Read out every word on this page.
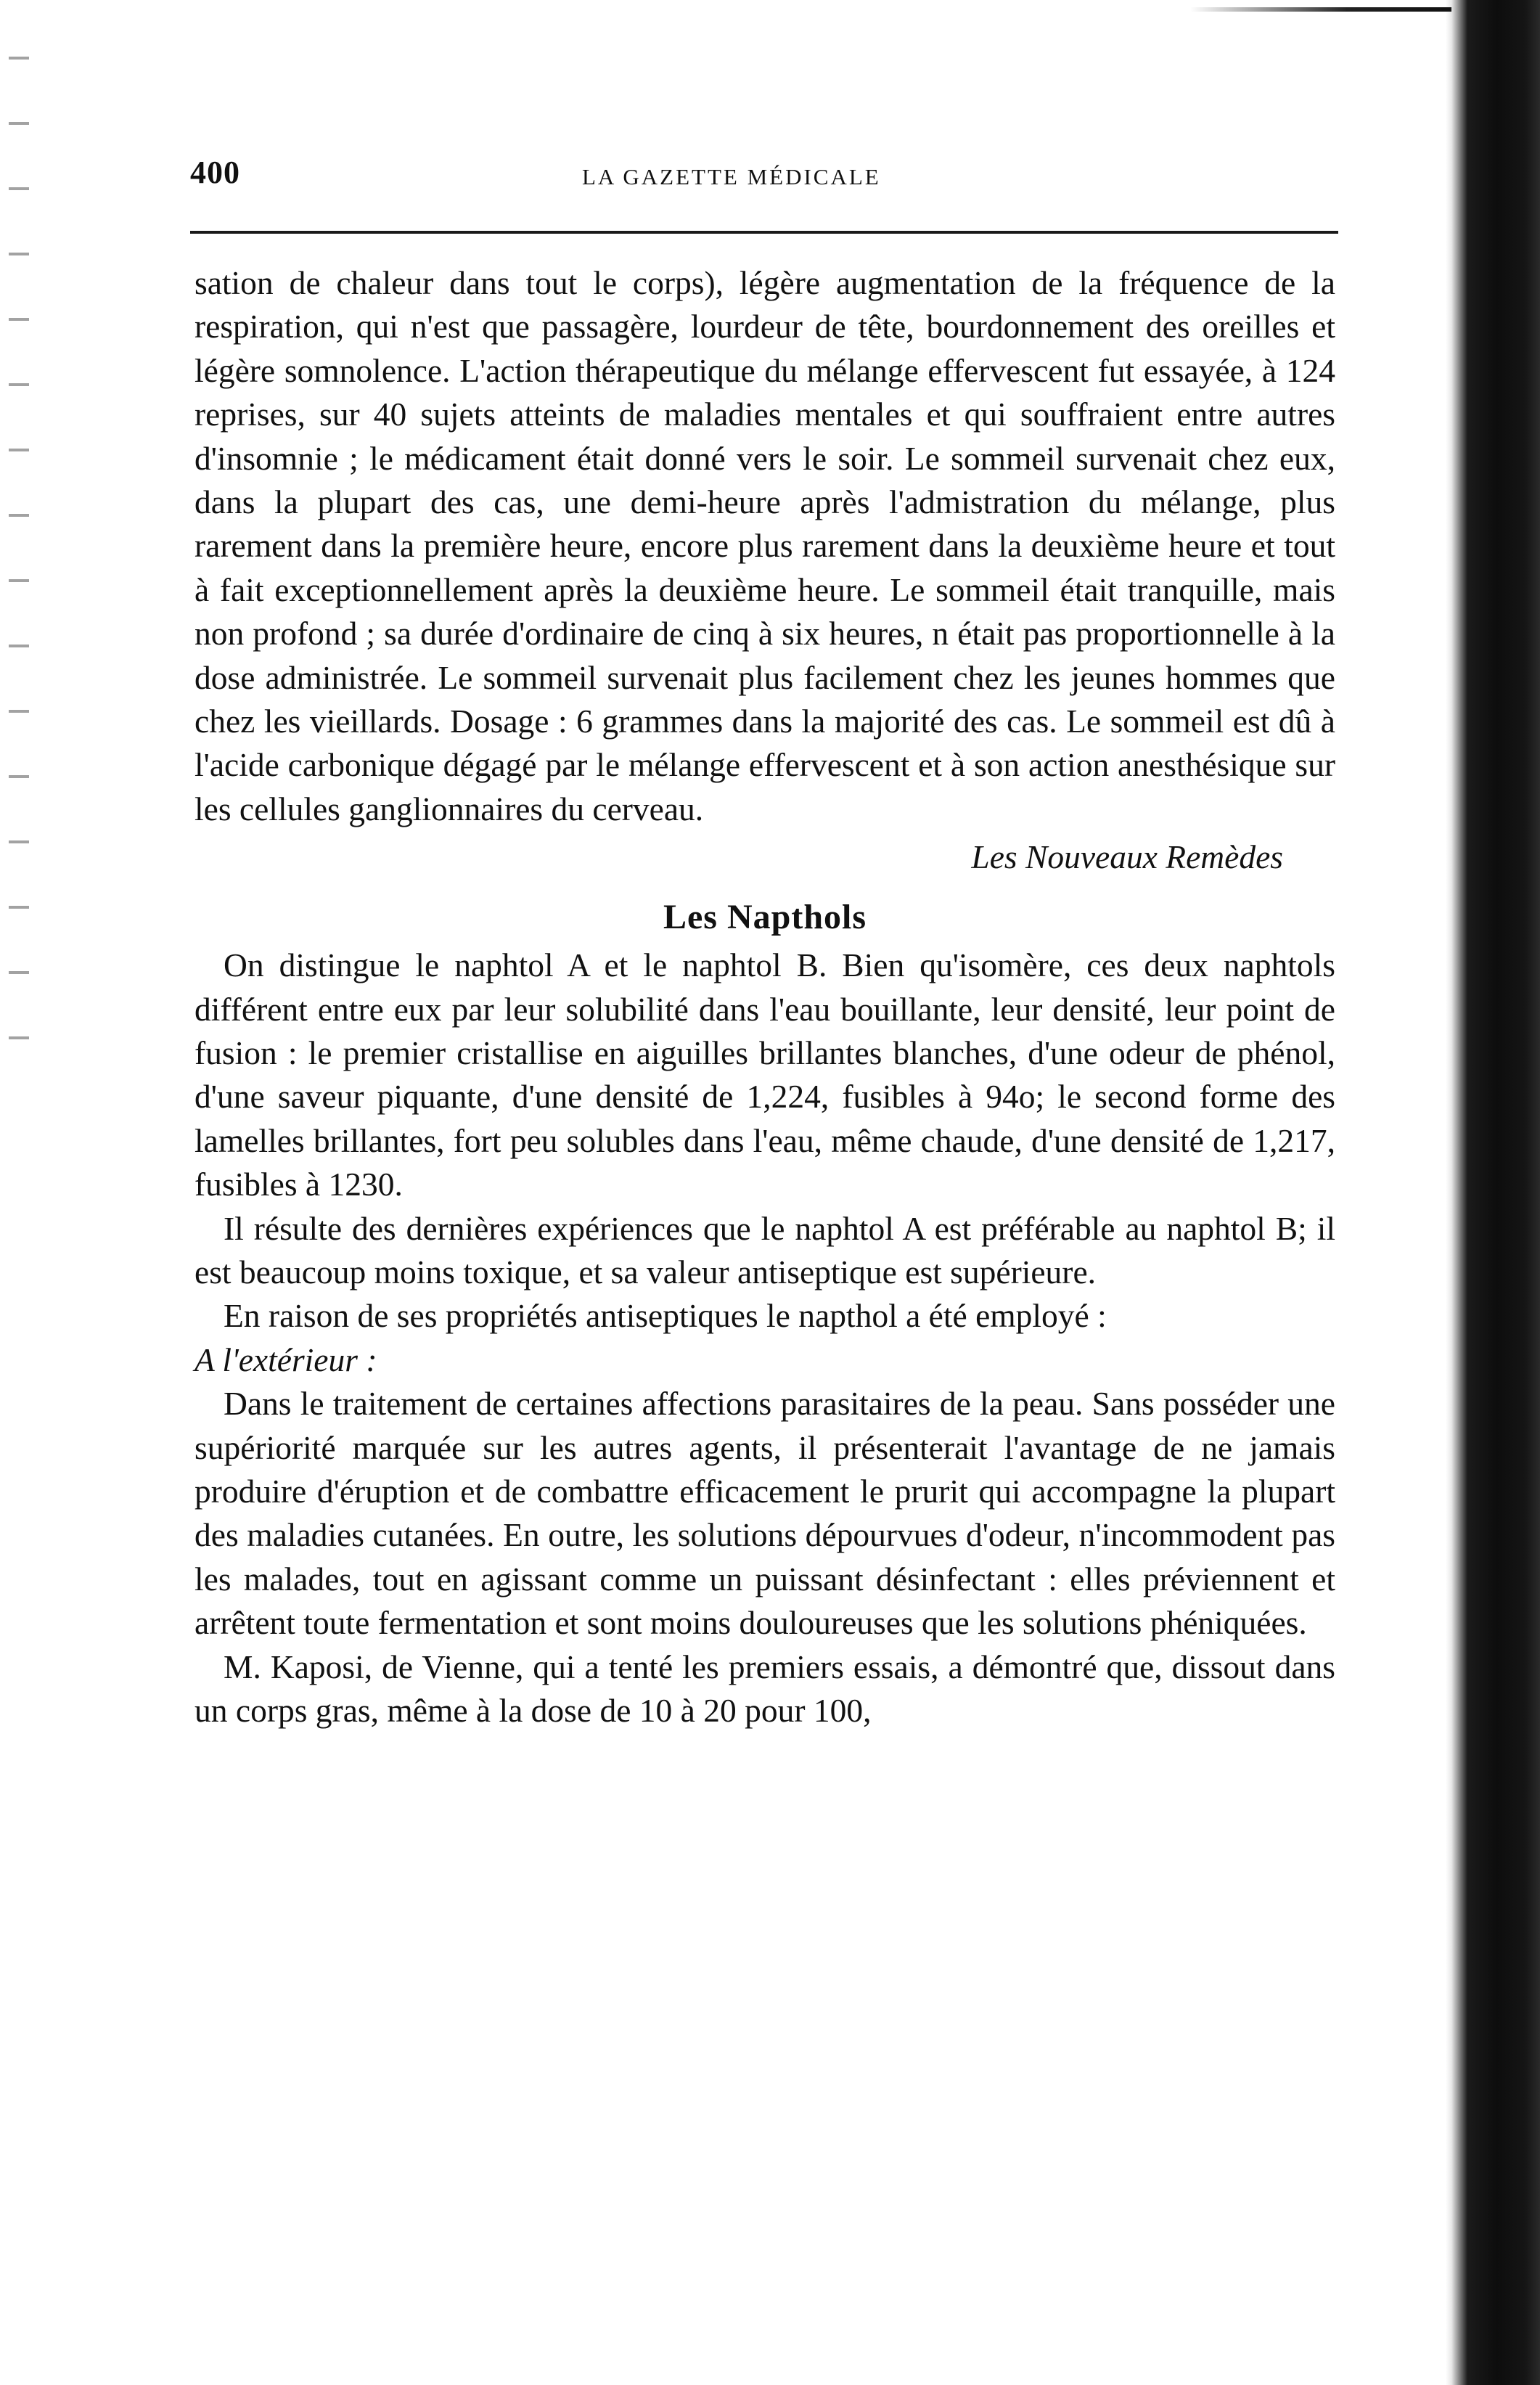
400	LA GAZETTE MÉDICALE

sation de chaleur dans tout le corps), légère augmentation de la fréquence de la respiration, qui n'est que passagère, lourdeur de tête, bourdonnement des oreilles et légère somnolence. L'action thérapeutique du mélange effervescent fut essayée, à 124 reprises, sur 40 sujets atteints de maladies mentales et qui souffraient entre autres d'insomnie ; le médicament était donné vers le soir. Le sommeil survenait chez eux, dans la plupart des cas, une demi-heure après l'admistration du mélange, plus rarement dans la première heure, encore plus rarement dans la deuxième heure et tout à fait exceptionnellement après la deuxième heure. Le sommeil était tranquille, mais non profond ; sa durée d'ordinaire de cinq à six heures, n était pas proportionnelle à la dose administrée. Le sommeil survenait plus facilement chez les jeunes hommes que chez les vieillards. Dosage : 6 grammes dans la majorité des cas. Le sommeil est dû à l'acide carbonique dégagé par le mélange effervescent et à son action anesthésique sur les cellules ganglionnaires du cerveau.

Les Nouveaux Remèdes

Les Napthols

On distingue le naphtol A et le naphtol B. Bien qu'isomère, ces deux naphtols différent entre eux par leur solubilité dans l'eau bouillante, leur densité, leur point de fusion : le premier cristallise en aiguilles brillantes blanches, d'une odeur de phénol, d'une saveur piquante, d'une densité de 1,224, fusibles à 94o; le second forme des lamelles brillantes, fort peu solubles dans l'eau, même chaude, d'une densité de 1,217, fusibles à 1230.

Il résulte des dernières expériences que le naphtol A est préférable au naphtol B; il est beaucoup moins toxique, et sa valeur antiseptique est supérieure.

En raison de ses propriétés antiseptiques le napthol a été employé :

A l'extérieur :

Dans le traitement de certaines affections parasitaires de la peau. Sans posséder une supériorité marquée sur les autres agents, il présenterait l'avantage de ne jamais produire d'éruption et de combattre efficacement le prurit qui accompagne la plupart des maladies cutanées. En outre, les solutions dépourvues d'odeur, n'incommodent pas les malades, tout en agissant comme un puissant désinfectant : elles préviennent et arrêtent toute fermentation et sont moins douloureuses que les solutions phéniquées.

M. Kaposi, de Vienne, qui a tenté les premiers essais, a démontré que, dissout dans un corps gras, même à la dose de 10 à 20 pour 100,
